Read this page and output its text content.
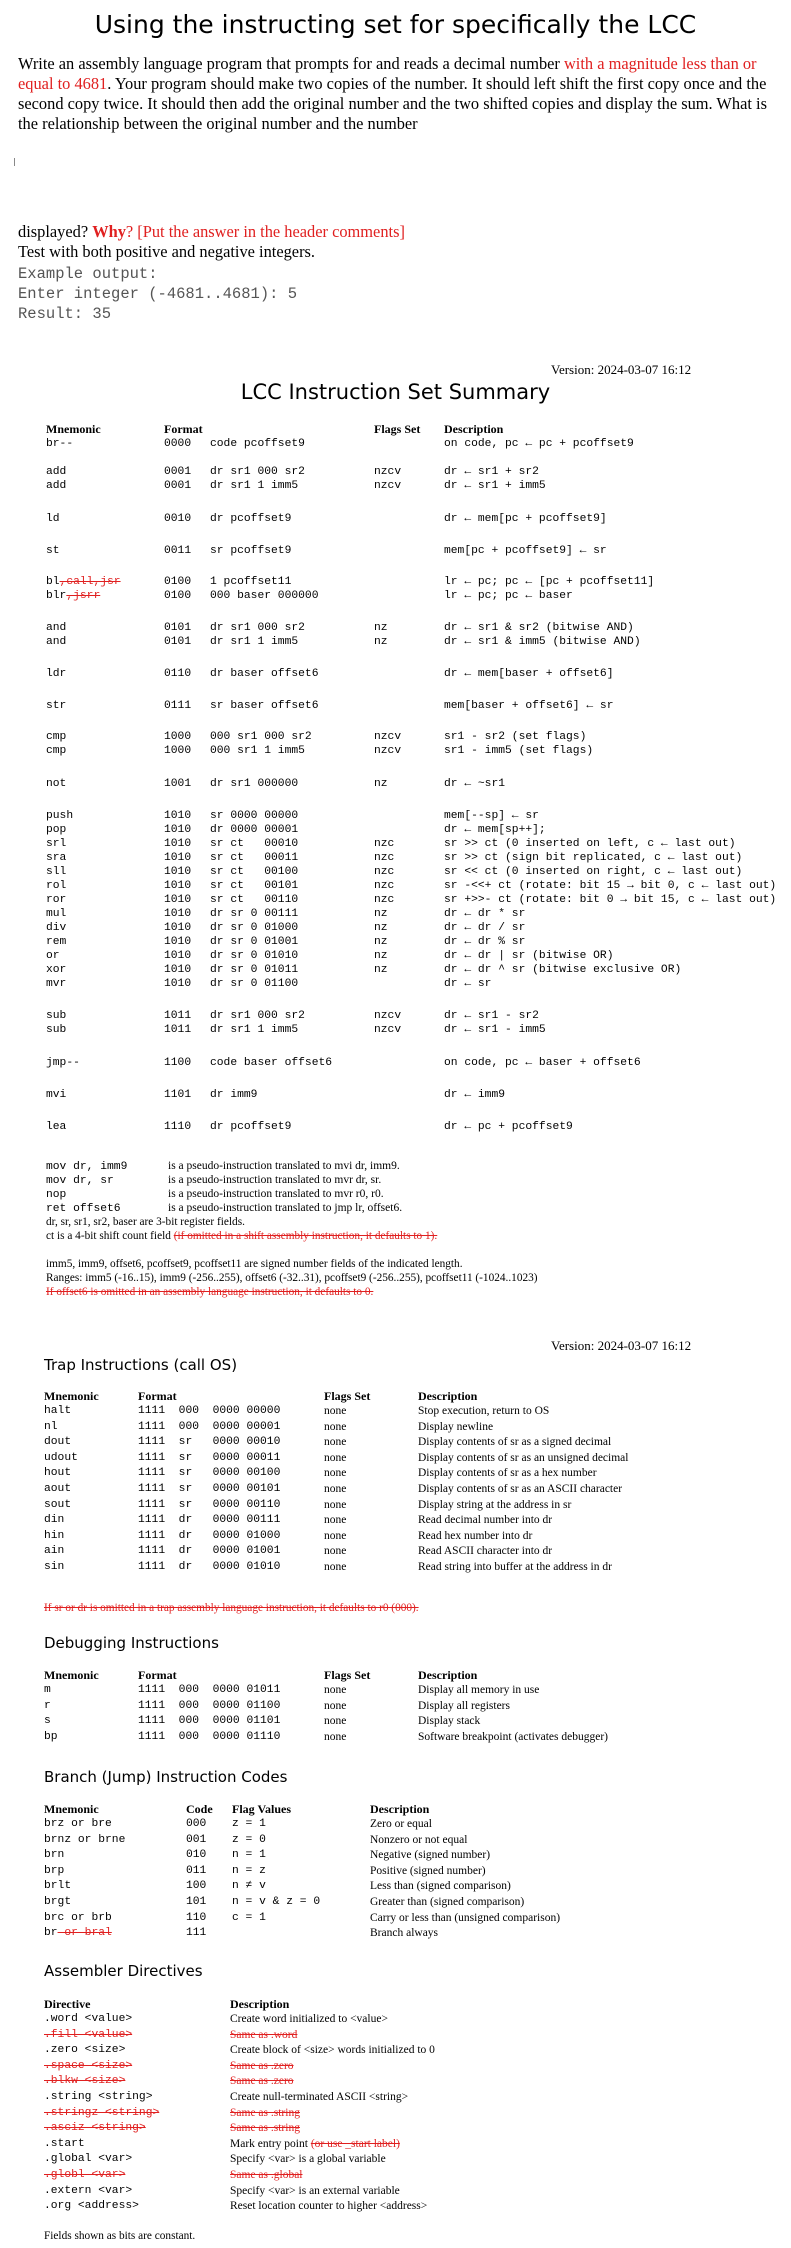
Using the instructing set for specifically the LCC
Write an assembly language program that prompts for and reads a decimal number with a magnitude less than or equal to 4681. Your program should make two copies of the number. It should left shift the first copy once and the second copy twice. It should then add the original number and the two shifted copies and display the sum. What is the relationship between the original number and the number
displayed? Why? [Put the answer in the header comments]
Test with both positive and negative integers.
Example output:
Enter integer (-4681..4681): 5
Result: 35
Version: 2024-03-07 16:12
LCC Instruction Set Summary
Mnemonic	Format	Flags Set Description
br--	0000 code pcoffset9	on code, pc ← pc + pcoffset9
add	0001 dr sr1 000 sr2	nzcv	dr ← sr1 + sr2
add	0001 dr sr1 1 imm5	nzcv	dr ← sr1 + imm5
ld	0010 dr pcoffset9	dr ← mem[pc + pcoffset9]
st	0011 sr pcoffset9	mem[pc + pcoffset9] ← sr
bl,call,jsr	0100 1 pcoffset11	lr ← pc; pc ← [pc + pcoffset11]
blr,jsrr	0100 000 baser 000000	lr ← pc; pc ← baser
and	0101 dr sr1 000 sr2	nz	dr ← sr1 & sr2 (bitwise AND)
and	0101 dr sr1 1 imm5	nz	dr ← sr1 & imm5 (bitwise AND)
ldr	0110 dr baser offset6	dr ← mem[baser + offset6]
str	0111 sr baser offset6	mem[baser + offset6] ← sr
cmp	1000 000 sr1 000 sr2	nzcv	sr1 - sr2 (set flags)
cmp	1000 000 sr1 1 imm5	nzcv	sr1 - imm5 (set flags)
not	1001 dr sr1 000000	nz	dr ← ~sr1
push	1010 sr 0000 00000	mem[--sp] ← sr
pop	1010 dr 0000 00001	dr ← mem[sp++];
srl	1010 sr ct   00010	nzc	sr >> ct (0 inserted on left, c ← last out)
sra	1010 sr ct   00011	nzc	sr >> ct (sign bit replicated, c ← last out)
sll	1010 sr ct   00100	nzc	sr << ct (0 inserted on right, c ← last out)
rol	1010 sr ct   00101	nzc	sr -<<+ ct (rotate: bit 15 → bit 0, c ← last out)
ror	1010 sr ct   00110	nzc	sr +>>- ct (rotate: bit 0 → bit 15, c ← last out)
mul	1010 dr sr 0 00111	nz	dr ← dr * sr
div	1010 dr sr 0 01000	nz	dr ← dr / sr
rem	1010 dr sr 0 01001	nz	dr ← dr % sr
or	1010 dr sr 0 01010	nz	dr ← dr | sr (bitwise OR)
xor	1010 dr sr 0 01011	nz	dr ← dr ^ sr (bitwise exclusive OR)
mvr	1010 dr sr 0 01100	dr ← sr
sub	1011 dr sr1 000 sr2	nzcv	dr ← sr1 - sr2
sub	1011 dr sr1 1 imm5	nzcv	dr ← sr1 - imm5
jmp--	1100 code baser offset6	on code, pc ← baser + offset6
mvi	1101 dr imm9	dr ← imm9
lea	1110 dr pcoffset9	dr ← pc + pcoffset9
mov dr, imm9	is a pseudo-instruction translated to mvi dr, imm9.
mov dr, sr	is a pseudo-instruction translated to mvr dr, sr.
nop	is a pseudo-instruction translated to mvr r0, r0.
ret offset6	is a pseudo-instruction translated to jmp lr, offset6.
dr, sr, sr1, sr2, baser are 3-bit register fields.
ct is a 4-bit shift count field (if omitted in a shift assembly instruction, it defaults to 1).
imm5, imm9, offset6, pcoffset9, pcoffset11 are signed number fields of the indicated length.
Ranges: imm5 (-16..15), imm9 (-256..255), offset6 (-32..31), pcoffset9 (-256..255), pcoffset11 (-1024..1023)
If offset6 is omitted in an assembly language instruction, it defaults to 0.
Version: 2024-03-07 16:12
Trap Instructions (call OS)
Mnemonic	Format	Flags Set	Description
halt	1111  000  0000 00000	none	Stop execution, return to OS
nl	1111  000  0000 00001	none	Display newline
dout	1111  sr   0000 00010	none	Display contents of sr as a signed decimal
udout	1111  sr   0000 00011	none	Display contents of sr as an unsigned decimal
hout	1111  sr   0000 00100	none	Display contents of sr as a hex number
aout	1111  sr   0000 00101	none	Display contents of sr as an ASCII character
sout	1111  sr   0000 00110	none	Display string at the address in sr
din	1111  dr   0000 00111	none	Read decimal number into dr
hin	1111  dr   0000 01000	none	Read hex number into dr
ain	1111  dr   0000 01001	none	Read ASCII character into dr
sin	1111  dr   0000 01010	none	Read string into buffer at the address in dr
If sr or dr is omitted in a trap assembly language instruction, it defaults to r0 (000).
Debugging Instructions
Mnemonic	Format	Flags Set	Description
m	1111  000  0000 01011	none	Display all memory in use
r	1111  000  0000 01100	none	Display all registers
s	1111  000  0000 01101	none	Display stack
bp	1111  000  0000 01110	none	Software breakpoint (activates debugger)
Branch (Jump) Instruction Codes
Mnemonic	Code Flag Values	Description
brz or bre	000 z = 1	Zero or equal
brnz or brne	001 z = 0	Nonzero or not equal
brn	010 n = 1	Negative (signed number)
brp	011 n = z	Positive (signed number)
brlt	100 n ≠ v	Less than (signed comparison)
brgt	101 n = v & z = 0	Greater than (signed comparison)
brc or brb	110 c = 1	Carry or less than (unsigned comparison)
br or bral	111	Branch always
Assembler Directives
Directive	Description
.word <value>	Create word initialized to <value>
.fill <value>	Same as .word
.zero <size>	Create block of <size> words initialized to 0
.space <size>	Same as .zero
.blkw <size>	Same as .zero
.string <string>	Create null-terminated ASCII <string>
.stringz <string>	Same as .string
.asciz <string>	Same as .string
.start	Mark entry point (or use _start label)
.global <var>	Specify <var> is a global variable
.globl <var>	Same as .global
.extern <var>	Specify <var> is an external variable
.org <address>	Reset location counter to higher <address>
Fields shown as bits are constant.
